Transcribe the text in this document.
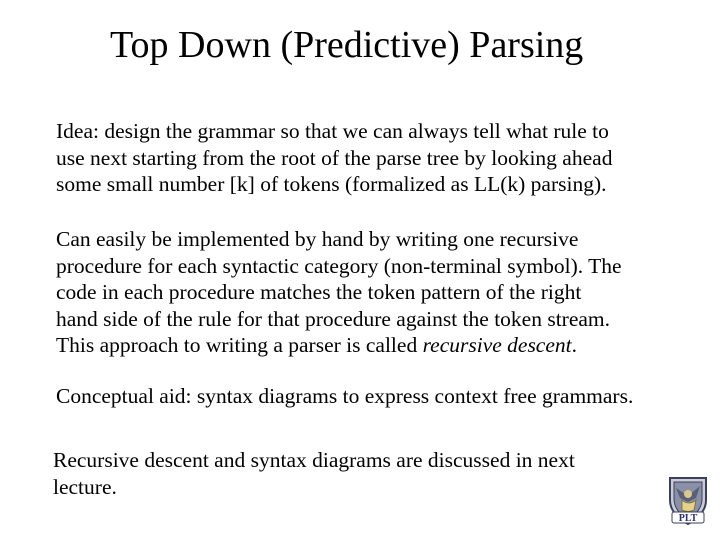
Top Down (Predictive) Parsing

Idea: design the grammar so that we can always tell what rule to
use next starting from the root of the parse tree by looking ahead
some small number [k] of tokens (formalized as LL(k) parsing).

Can easily be implemented by hand by writing one recursive
procedure for each syntactic category (non-terminal symbol). The
code in each procedure matches the token pattern of the right
hand side of the rule for that procedure against the token stream.
This approach to writing a parser is called recursive descent.

Conceptual aid: syntax diagrams to express context free grammars.

Recursive descent and syntax diagrams are discussed in next
lecture.

PLT
